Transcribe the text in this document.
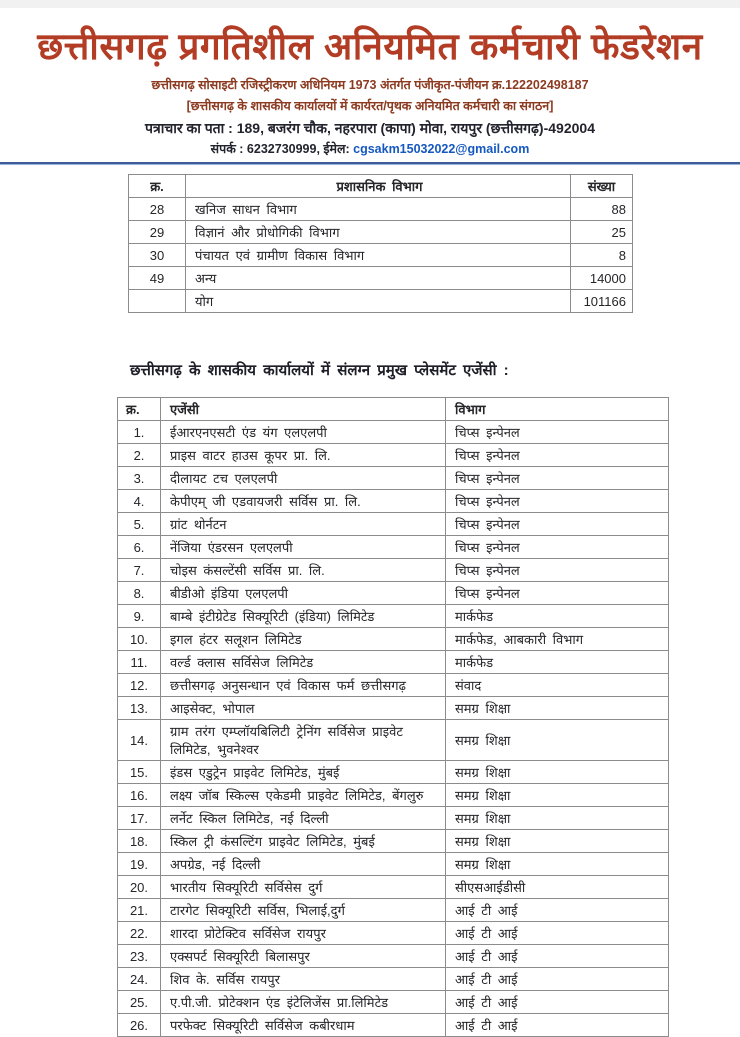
छत्तीसगढ़ प्रगतिशील अनियमित कर्मचारी फेडरेशन
छत्तीसगढ़ सोसाइटी रजिस्ट्रीकरण अधिनियम 1973 अंतर्गत पंजीकृत-पंजीयन क्र.122202498187
[छत्तीसगढ़ के शासकीय कार्यालयों में कार्यरत/पृथक अनियमित कर्मचारी का संगठन]
पत्राचार का पता : 189, बजरंग चौक, नहरपारा (कापा) मोवा, रायपुर (छत्तीसगढ़)-492004
संपर्क : 6232730999, ईमेल: cgsakm15032022@gmail.com
क्र.	प्रशासनिक विभाग	संख्या
28	खनिज साधन विभाग	88
29	विज्ञानं और प्रोधोगिकी विभाग	25
30	पंचायत एवं ग्रामीण विकास विभाग	8
49	अन्य	14000
	योग	101166
छत्तीसगढ़ के शासकीय कार्यालयों में संलग्न प्रमुख प्लेसमेंट एजेंसी :
क्र.	एजेंसी	विभाग
1.	ईआरएनएसटी एंड यंग एलएलपी	चिप्स इन्पेनल
2.	प्राइस वाटर हाउस कूपर प्रा. लि.	चिप्स इन्पेनल
3.	दीलायट टच एलएलपी	चिप्स इन्पेनल
4.	केपीएम् जी एडवायजरी सर्विस प्रा. लि.	चिप्स इन्पेनल
5.	ग्रांट थोर्नटन	चिप्स इन्पेनल
6.	नेंजिया एंडरसन एलएलपी	चिप्स इन्पेनल
7.	चोइस कंसल्टेंसी सर्विस प्रा. लि.	चिप्स इन्पेनल
8.	बीडीओ इंडिया एलएलपी	चिप्स इन्पेनल
9.	बाम्बे इंटीग्रेटेड सिक्यूरिटी (इंडिया) लिमिटेड	मार्कफेड
10.	इगल हंटर सलूशन लिमिटेड	मार्कफेड, आबकारी विभाग
11.	वर्ल्ड क्लास सर्विसेज लिमिटेड	मार्कफेड
12.	छत्तीसगढ़ अनुसन्धान एवं विकास फर्म छत्तीसगढ़	संवाद
13.	आइसेक्ट, भोपाल	समग्र शिक्षा
14.	ग्राम तरंग एम्प्लॉयबिलिटी ट्रेनिंग सर्विसेज प्राइवेट लिमिटेड, भुवनेश्वर	समग्र शिक्षा
15.	इंडस एडुट्रेन प्राइवेट लिमिटेड, मुंबई	समग्र शिक्षा
16.	लक्ष्य जॉब स्किल्स एकेडमी प्राइवेट लिमिटेड, बेंगलुरु	समग्र शिक्षा
17.	लर्नेट स्किल लिमिटेड, नई दिल्ली	समग्र शिक्षा
18.	स्किल ट्री कंसल्टिंग प्राइवेट लिमिटेड, मुंबई	समग्र शिक्षा
19.	अपग्रेड, नई दिल्ली	समग्र शिक्षा
20.	भारतीय सिक्यूरिटी सर्विसेस दुर्ग	सीएसआईडीसी
21.	टारगेट सिक्यूरिटी सर्विस, भिलाई,दुर्ग	आई टी आई
22.	शारदा प्रोटेक्टिव सर्विसेज रायपुर	आई टी आई
23.	एक्सपर्ट सिक्यूरिटी बिलासपुर	आई टी आई
24.	शिव के. सर्विस रायपुर	आई टी आई
25.	ए.पी.जी. प्रोटेक्शन एंड इंटेलिजेंस प्रा.लिमिटेड	आई टी आई
26.	परफेक्ट सिक्यूरिटी सर्विसेज कबीरधाम	आई टी आई
